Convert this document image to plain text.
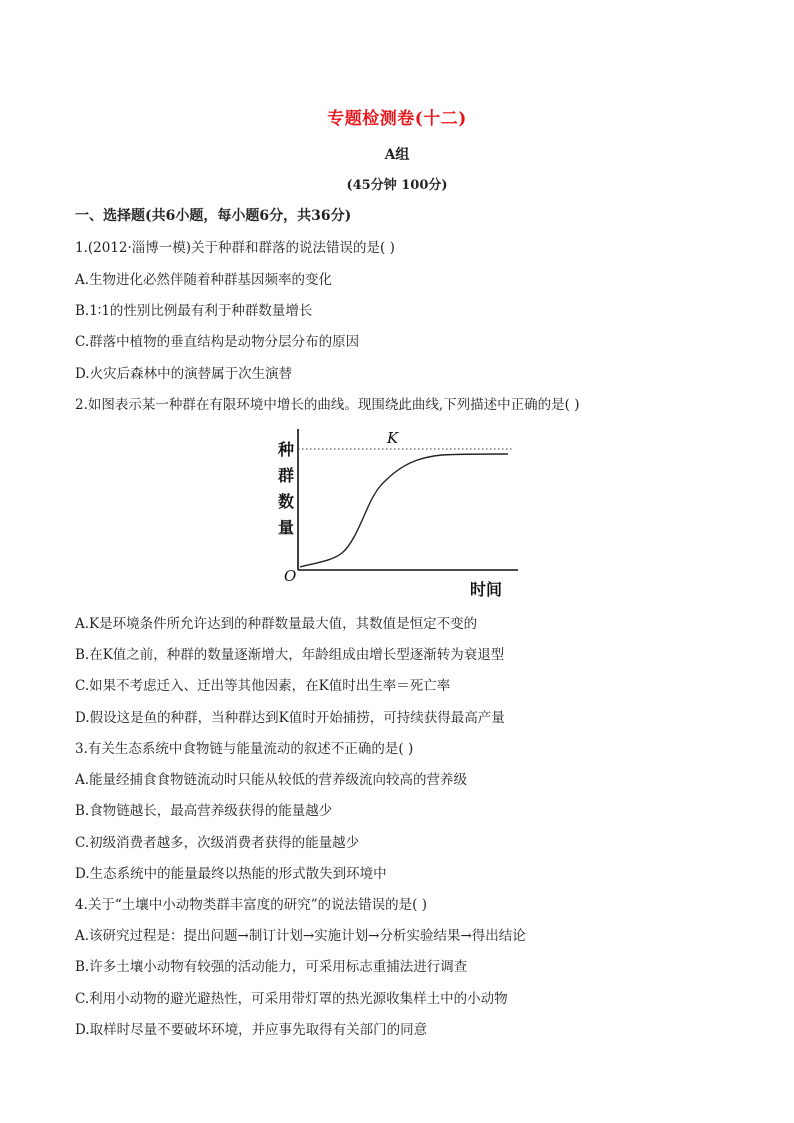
专题检测卷(十二)
A组
(45分钟 100分)
一、选择题(共6小题，每小题6分，共36分)
1.(2012·淄博一模)关于种群和群落的说法错误的是( )
A.生物进化必然伴随着种群基因频率的变化
B.1∶1的性别比例最有利于种群数量增长
C.群落中植物的垂直结构是动物分层分布的原因
D.火灾后森林中的演替属于次生演替
2.如图表示某一种群在有限环境中增长的曲线。现围绕此曲线,下列描述中正确的是( )
种
群
数
量
K
O
时间
A.K是环境条件所允许达到的种群数量最大值，其数值是恒定不变的
B.在K值之前，种群的数量逐渐增大，年龄组成由增长型逐渐转为衰退型
C.如果不考虑迁入、迁出等其他因素，在K值时出生率＝死亡率
D.假设这是鱼的种群，当种群达到K值时开始捕捞，可持续获得最高产量
3.有关生态系统中食物链与能量流动的叙述不正确的是( )
A.能量经捕食食物链流动时只能从较低的营养级流向较高的营养级
B.食物链越长，最高营养级获得的能量越少
C.初级消费者越多，次级消费者获得的能量越少
D.生态系统中的能量最终以热能的形式散失到环境中
4.关于“土壤中小动物类群丰富度的研究”的说法错误的是( )
A.该研究过程是：提出问题→制订计划→实施计划→分析实验结果→得出结论
B.许多土壤小动物有较强的活动能力，可采用标志重捕法进行调查
C.利用小动物的避光避热性，可采用带灯罩的热光源收集样土中的小动物
D.取样时尽量不要破坏环境，并应事先取得有关部门的同意
